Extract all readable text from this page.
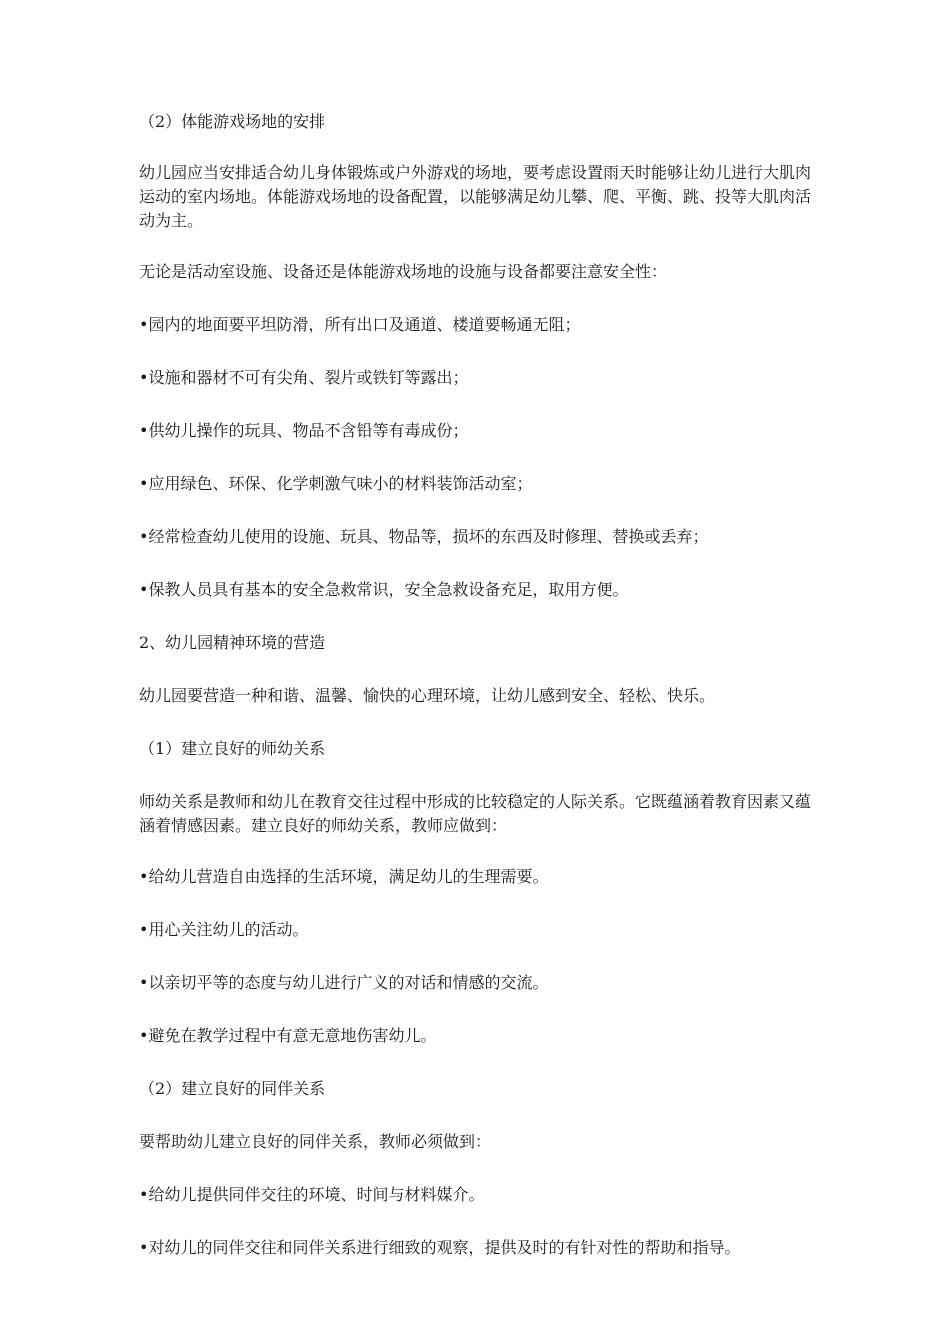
（2）体能游戏场地的安排

幼儿园应当安排适合幼儿身体锻炼或户外游戏的场地，要考虑设置雨天时能够让幼儿进行大肌肉运动的室内场地。体能游戏场地的设备配置，以能够满足幼儿攀、爬、平衡、跳、投等大肌肉活动为主。

无论是活动室设施、设备还是体能游戏场地的设施与设备都要注意安全性：

•园内的地面要平坦防滑，所有出口及通道、楼道要畅通无阻；

•设施和器材不可有尖角、裂片或铁钉等露出；

•供幼儿操作的玩具、物品不含铅等有毒成份；

•应用绿色、环保、化学刺激气味小的材料装饰活动室；

•经常检查幼儿使用的设施、玩具、物品等，损坏的东西及时修理、替换或丢弃；

•保教人员具有基本的安全急救常识，安全急救设备充足，取用方便。

2、幼儿园精神环境的营造

幼儿园要营造一种和谐、温馨、愉快的心理环境，让幼儿感到安全、轻松、快乐。

（1）建立良好的师幼关系

师幼关系是教师和幼儿在教育交往过程中形成的比较稳定的人际关系。它既蕴涵着教育因素又蕴涵着情感因素。建立良好的师幼关系，教师应做到：

•给幼儿营造自由选择的生活环境，满足幼儿的生理需要。

•用心关注幼儿的活动。

•以亲切平等的态度与幼儿进行广义的对话和情感的交流。

•避免在教学过程中有意无意地伤害幼儿。

（2）建立良好的同伴关系

要帮助幼儿建立良好的同伴关系，教师必须做到：

•给幼儿提供同伴交往的环境、时间与材料媒介。

•对幼儿的同伴交往和同伴关系进行细致的观察，提供及时的有针对性的帮助和指导。
